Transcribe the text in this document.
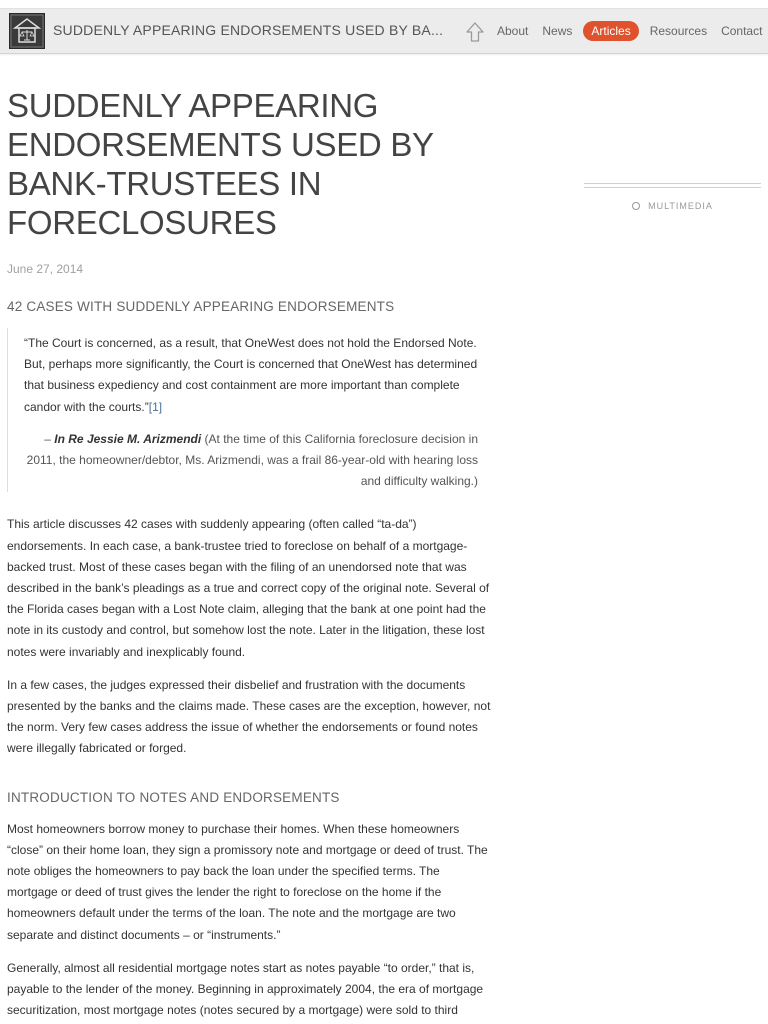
SUDDENLY APPEARING ENDORSEMENTS USED BY BA...	About	News	Articles	Resources	Contact
SUDDENLY APPEARING ENDORSEMENTS USED BY BANK-TRUSTEES IN FORECLOSURES
June 27, 2014
42 CASES WITH SUDDENLY APPEARING ENDORSEMENTS
“The Court is concerned, as a result, that OneWest does not hold the Endorsed Note. But, perhaps more significantly, the Court is concerned that OneWest has determined that business expediency and cost containment are more important than complete candor with the courts.”[1]
– In Re Jessie M. Arizmendi (At the time of this California foreclosure decision in 2011, the homeowner/debtor, Ms. Arizmendi, was a frail 86-year-old with hearing loss and difficulty walking.)

This article discusses 42 cases with suddenly appearing (often called “ta-da”) endorsements. In each case, a bank-trustee tried to foreclose on behalf of a mortgage-backed trust. Most of these cases began with the filing of an unendorsed note that was described in the bank’s pleadings as a true and correct copy of the original note. Several of the Florida cases began with a Lost Note claim, alleging that the bank at one point had the note in its custody and control, but somehow lost the note. Later in the litigation, these lost notes were invariably and inexplicably found.

In a few cases, the judges expressed their disbelief and frustration with the documents presented by the banks and the claims made. These cases are the exception, however, not the norm. Very few cases address the issue of whether the endorsements or found notes were illegally fabricated or forged.

INTRODUCTION TO NOTES AND ENDORSEMENTS

Most homeowners borrow money to purchase their homes. When these homeowners “close” on their home loan, they sign a promissory note and mortgage or deed of trust. The note obliges the homeowners to pay back the loan under the specified terms. The mortgage or deed of trust gives the lender the right to foreclose on the home if the homeowners default under the terms of the loan. The note and the mortgage are two separate and distinct documents – or “instruments.”

Generally, almost all residential mortgage notes start as notes payable “to order,” that is, payable to the lender of the money. Beginning in approximately 2004, the era of mortgage securitization, most mortgage notes (notes secured by a mortgage) were sold to third

MULTIMEDIA
